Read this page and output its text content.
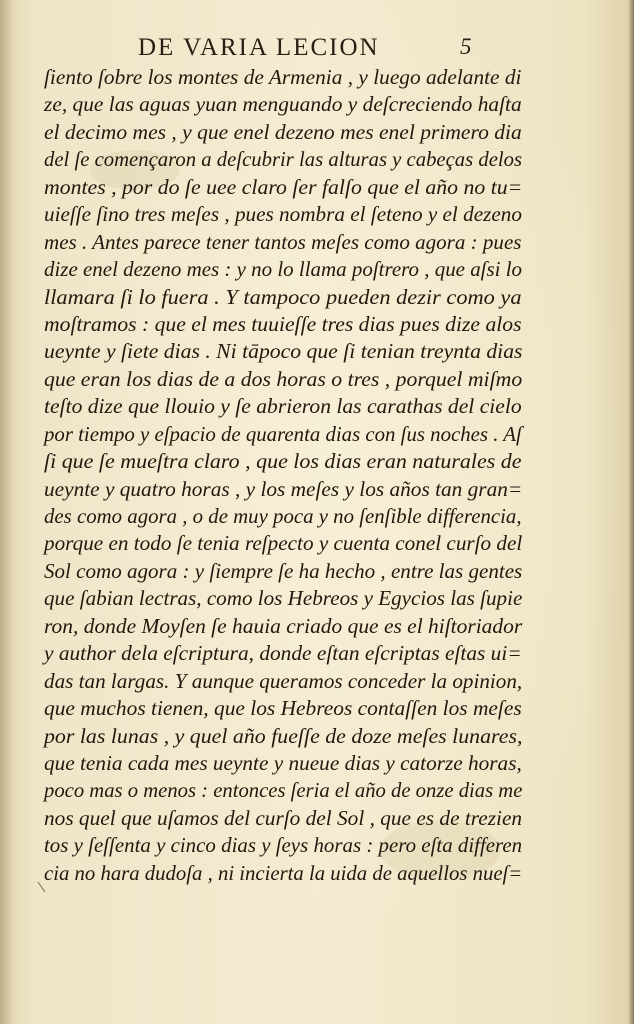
DE VARIA LECION	5
ſiento ſobre los montes de Armenia , y luego adelante di
ze, que las aguas yuan menguando y deſcreciendo haſta
el decimo mes , y que enel dezeno mes enel primero dia
del ſe començaron a deſcubrir las alturas y cabeças delos
montes , por do ſe uee claro ſer falſo que el año no tu=
uieſſe ſino tres meſes , pues nombra el ſeteno y el dezeno
mes . Antes parece tener tantos meſes como agora : pues
dize enel dezeno mes : y no lo llama poſtrero , que aſsi lo
llamara ſi lo fuera . Y tampoco pueden dezir como ya
moſtramos : que el mes tuuieſſe tres dias pues dize alos
ueynte y ſiete dias . Ni tāpoco que ſi tenian treynta dias
que eran los dias de a dos horas o tres , porquel miſmo
teſto dize que llouio y ſe abrieron las carathas del cielo
por tiempo y eſpacio de quarenta dias con ſus noches . Aſ
ſi que ſe mueſtra claro , que los dias eran naturales de
ueynte y quatro horas , y los meſes y los años tan gran=
des como agora , o de muy poca y no ſenſible differencia,
porque en todo ſe tenia reſpecto y cuenta conel curſo del
Sol como agora : y ſiempre ſe ha hecho , entre las gentes
que ſabian lectras, como los Hebreos y Egycios las ſupie
ron, donde Moyſen ſe hauia criado que es el hiſtoriador
y author dela eſcriptura, donde eſtan eſcriptas eſtas ui=
das tan largas. Y aunque queramos conceder la opinion,
que muchos tienen, que los Hebreos contaſſen los meſes
por las lunas , y quel año fueſſe de doze meſes lunares,
que tenia cada mes ueynte y nueue dias y catorze horas,
poco mas o menos : entonces ſeria el año de onze dias me
nos quel que uſamos del curſo del Sol , que es de trezien
tos y ſeſſenta y cinco dias y ſeys horas : pero eſta differen
cia no hara dudoſa , ni incierta la uida de aquellos nueſ=
